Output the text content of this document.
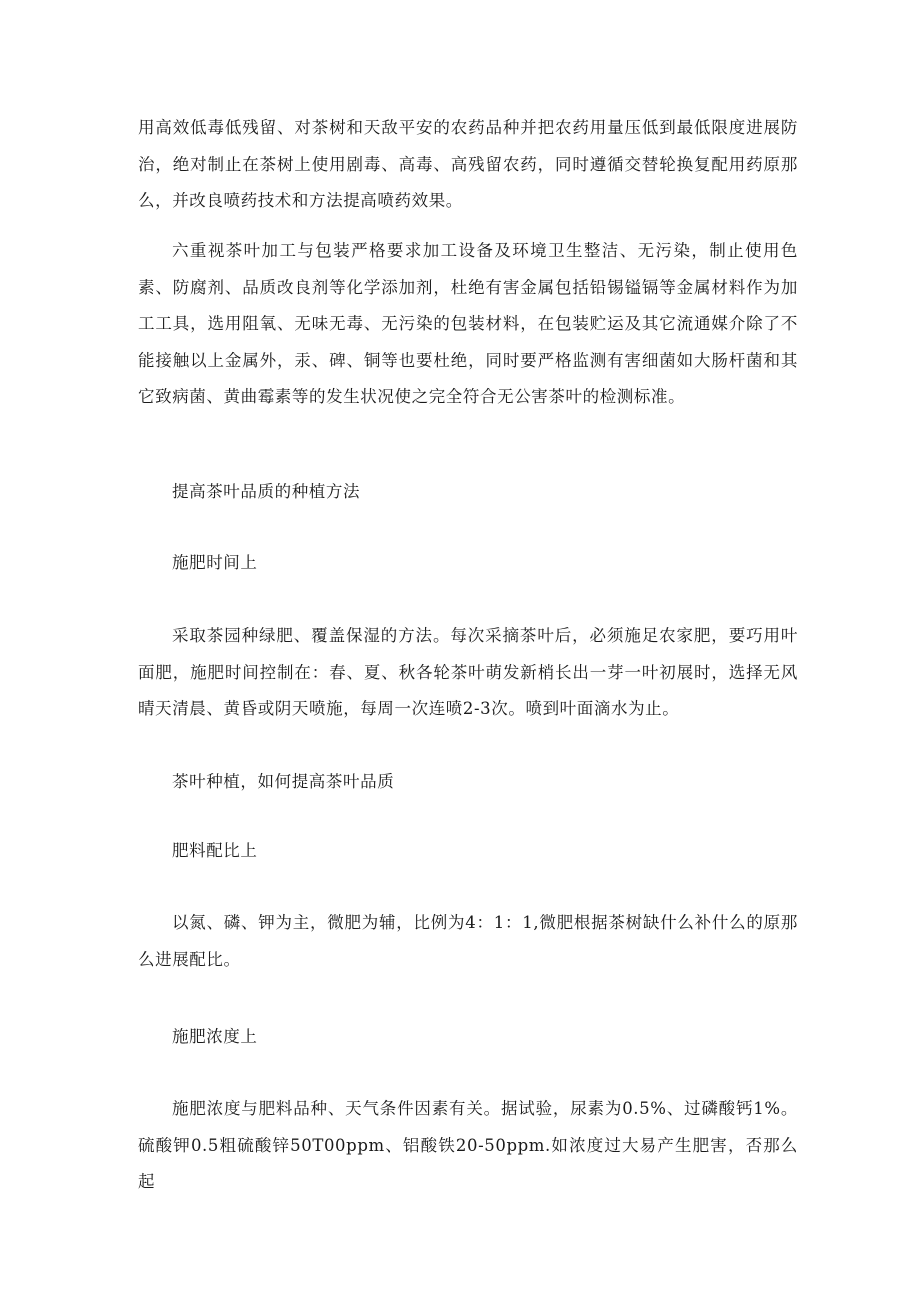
用高效低毒低残留、对茶树和天敌平安的农药品种并把农药用量压低到最低限度进展防治，绝对制止在茶树上使用剧毒、高毒、高残留农药，同时遵循交替轮换复配用药原那么，并改良喷药技术和方法提高喷药效果。

六重视茶叶加工与包装严格要求加工设备及环境卫生整洁、无污染，制止使用色素、防腐剂、品质改良剂等化学添加剂，杜绝有害金属包括铅锡镒镉等金属材料作为加工工具，选用阻氧、无味无毒、无污染的包装材料，在包装贮运及其它流通媒介除了不能接触以上金属外，汞、碑、铜等也要杜绝，同时要严格监测有害细菌如大肠杆菌和其它致病菌、黄曲霉素等的发生状况使之完全符合无公害茶叶的检测标准。

提高茶叶品质的种植方法

施肥时间上

采取茶园种绿肥、覆盖保湿的方法。每次采摘茶叶后，必须施足农家肥，要巧用叶面肥，施肥时间控制在：春、夏、秋各轮茶叶萌发新梢长出一芽一叶初展时，选择无风晴天清晨、黄昏或阴天喷施，每周一次连喷2-3次。喷到叶面滴水为止。

茶叶种植，如何提高茶叶品质

肥料配比上

以氮、磷、钾为主，微肥为辅，比例为4：1：1,微肥根据茶树缺什么补什么的原那么进展配比。

施肥浓度上

施肥浓度与肥料品种、天气条件因素有关。据试验，尿素为0.5%、过磷酸钙1%。硫酸钾0.5粗硫酸锌50T00ppm、铝酸铁20-50ppm.如浓度过大易产生肥害，否那么起
